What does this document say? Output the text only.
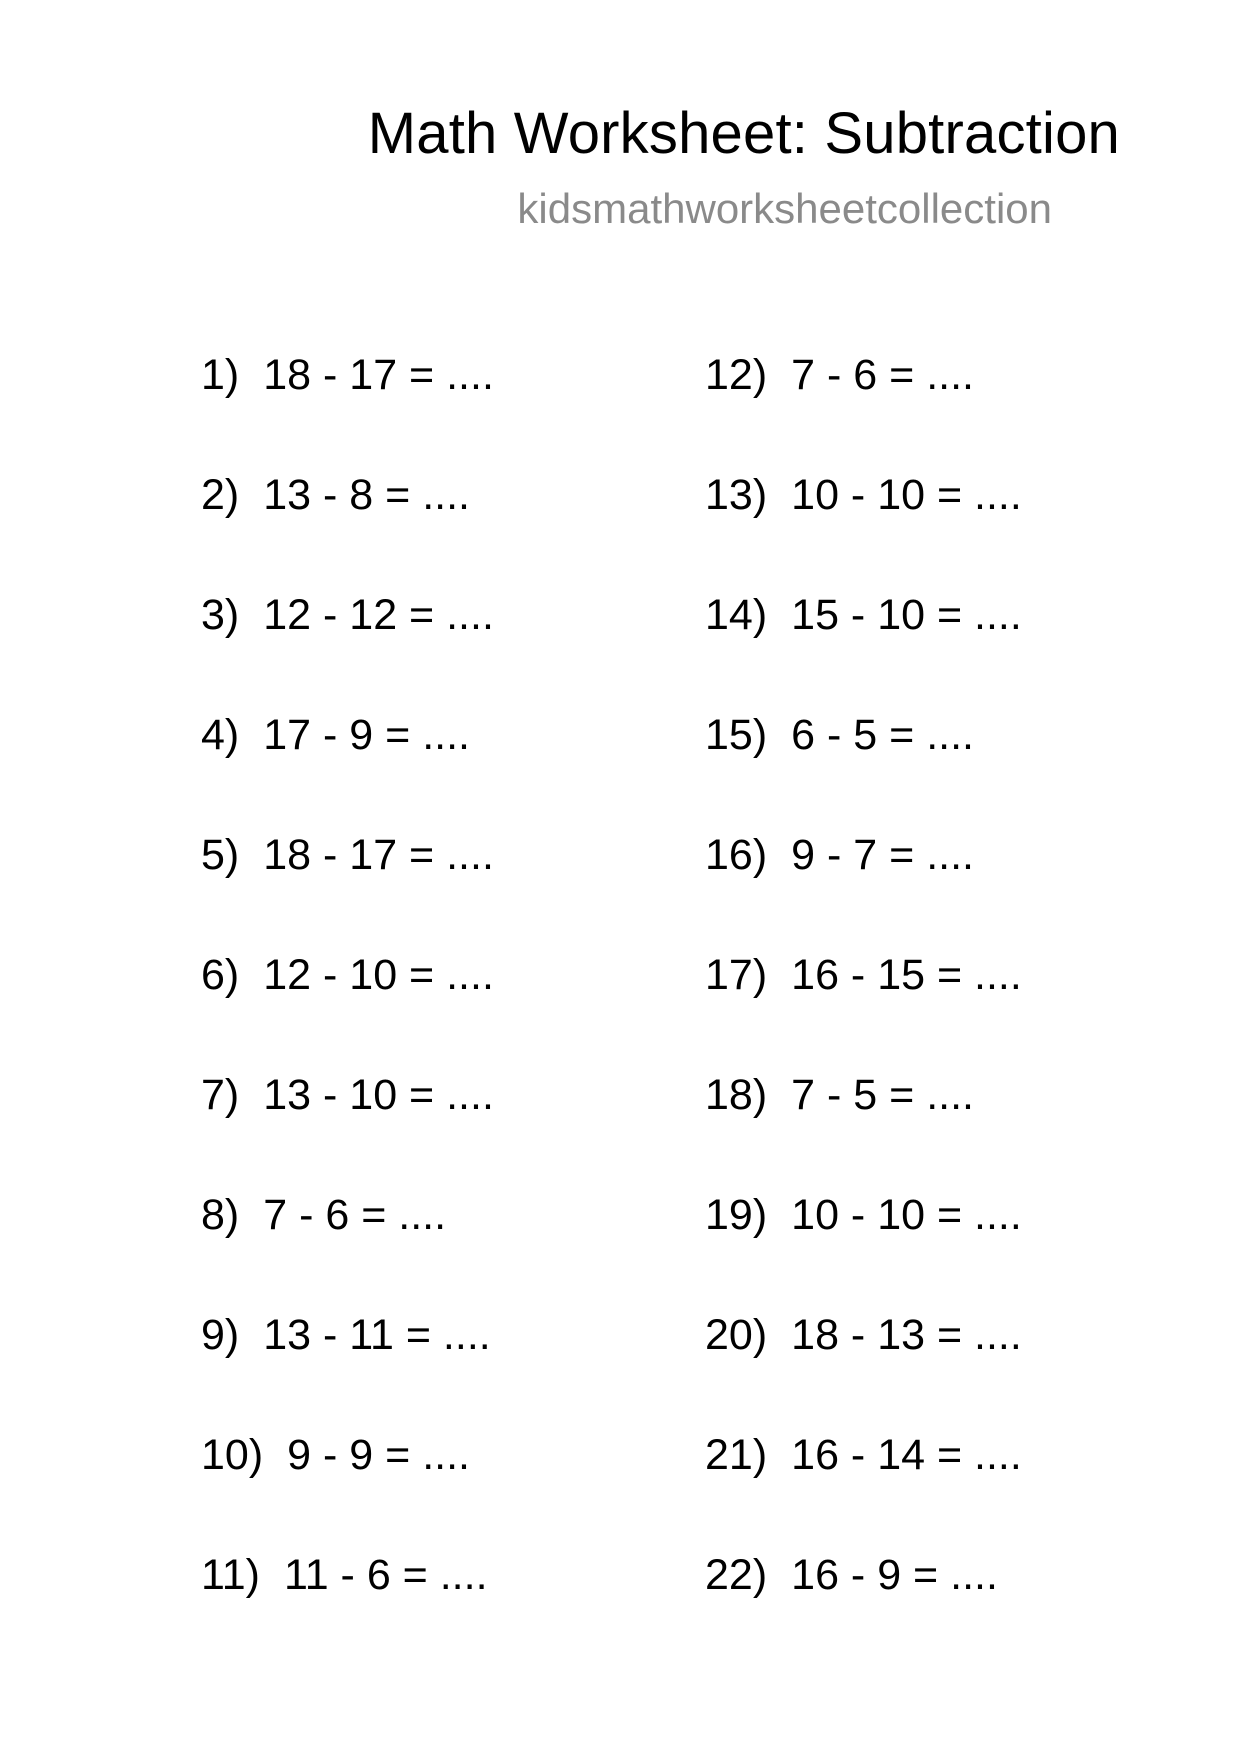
Math Worksheet: Subtraction
kidsmathworksheetcollection
1) 18 - 17 = ....
2) 13 - 8 = ....
3) 12 - 12 = ....
4) 17 - 9 = ....
5) 18 - 17 = ....
6) 12 - 10 = ....
7) 13 - 10 = ....
8) 7 - 6 = ....
9) 13 - 11 = ....
10) 9 - 9 = ....
11) 11 - 6 = ....
12) 7 - 6 = ....
13) 10 - 10 = ....
14) 15 - 10 = ....
15) 6 - 5 = ....
16) 9 - 7 = ....
17) 16 - 15 = ....
18) 7 - 5 = ....
19) 10 - 10 = ....
20) 18 - 13 = ....
21) 16 - 14 = ....
22) 16 - 9 = ....
